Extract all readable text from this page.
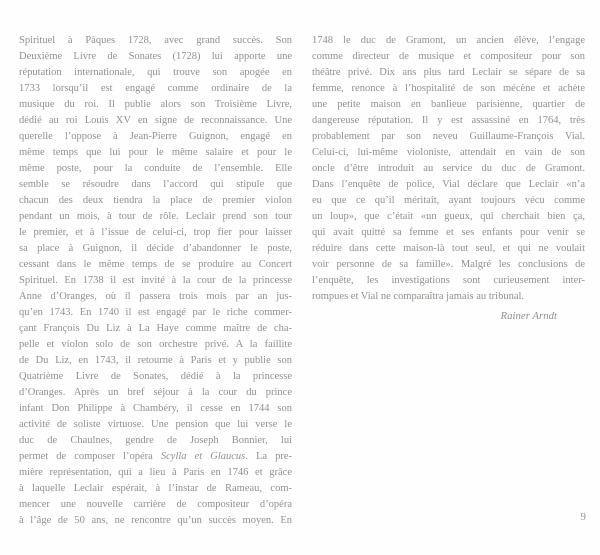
Spirituel à Pâques 1728, avec grand succès. Son
Deuxième Livre de Sonates (1728) lui apporte une
réputation internationale, qui trouve son apogée en
1733 lorsqu’il est engagé comme ordinaire de la
musique du roi. Il publie alors son Troisième Livre,
dédié au roi Louis XV en signe de reconnaissance. Une
querelle l’oppose à Jean-Pierre Guignon, engagé en
même temps que lui pour le même salaire et pour le
même poste, pour la conduite de l’ensemble. Elle
semble se résoudre dans l’accord qui stipule que
chacun des deux tiendra la place de premier violon
pendant un mois, à tour de rôle. Leclair prend son tour
le premier, et à l’issue de celui-ci, trop fier pour laisser
sa place à Guignon, il décide d’abandonner le poste,
cessant dans le même temps de se produire au Concert
Spirituel. En 1738 il est invité à la cour de la princesse
Anne d’Oranges, où il passera trois mois par an jus-
qu’en 1743. En 1740 il est engagé par le riche commer-
çant François Du Liz à La Haye comme maître de cha-
pelle et violon solo de son orchestre privé. A la faillite
de Du Liz, en 1743, il retourne à Paris et y publie son
Quatrième Livre de Sonates, dédié à la princesse
d’Oranges. Après un bref séjour à la cour du prince
infant Don Philippe à Chambéry, il cesse en 1744 son
activité de soliste virtuose. Une pension que lui verse le
duc de Chaulnes, gendre de Joseph Bonnier, lui
permet de composer l’opéra Scylla et Glaucus. La pre-
mière représentation, qui a lieu à Paris en 1746 et grâce
à laquelle Leclair espérait, à l’instar de Rameau, com-
mencer une nouvelle carrière de compositeur d’opéra
à l’âge de 50 ans, ne rencontre qu’un succès moyen. En
1748 le duc de Gramont, un ancien élève, l’engage
comme directeur de musique et compositeur pour son
théâtre privé. Dix ans plus tard Leclair se sépare de sa
femme, renonce à l’hospitalité de son mécène et achète
une petite maison en banlieue parisienne, quartier de
dangereuse réputation. Il y est assassiné en 1764, très
probablement par son neveu Guillaume-François Vial.
Celui-ci, lui-même violoniste, attendait en vain de son
oncle d’être introduit au service du duc de Gramont.
Dans l’enquête de police, Vial déclare que Leclair «n’a
eu que ce qu’il méritait, ayant toujours vécu comme
un loup», que c’était «un gueux, qui cherchait bien ça,
qui avait quitté sa femme et ses enfants pour venir se
réduire dans cette maison-là tout seul, et qui ne voulait
voir personne de sa famille». Malgré les conclusions de
l’enquête, les investigations sont curieusement inter-
rompues et Vial ne comparaîtra jamais au tribunal.
Rainer Arndt
9
